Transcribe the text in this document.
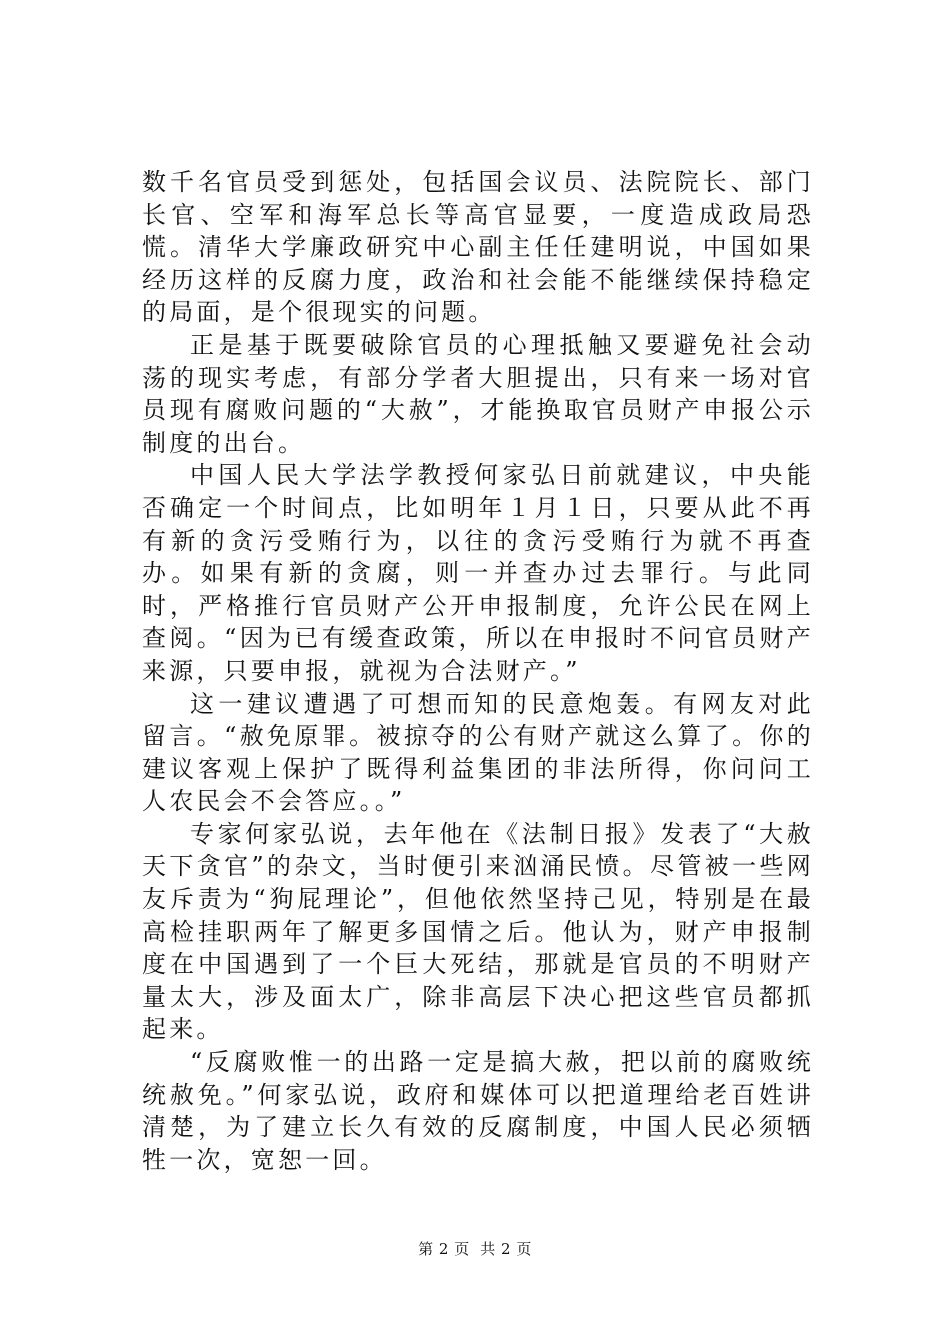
数千名官员受到惩处，包括国会议员、法院院长、部门长官、空军和海军总长等高官显要，一度造成政局恐慌。清华大学廉政研究中心副主任任建明说，中国如果经历这样的反腐力度，政治和社会能不能继续保持稳定的局面，是个很现实的问题。

正是基于既要破除官员的心理抵触又要避免社会动荡的现实考虑，有部分学者大胆提出，只有来一场对官员现有腐败问题的“大赦”，才能换取官员财产申报公示制度的出台。

中国人民大学法学教授何家弘日前就建议，中央能否确定一个时间点，比如明年１月１日，只要从此不再有新的贪污受贿行为，以往的贪污受贿行为就不再查办。如果有新的贪腐，则一并查办过去罪行。与此同时，严格推行官员财产公开申报制度，允许公民在网上查阅。“因为已有缓查政策，所以在申报时不问官员财产来源，只要申报，就视为合法财产。”

这一建议遭遇了可想而知的民意炮轰。有网友对此留言。“赦免原罪。被掠夺的公有财产就这么算了。你的建议客观上保护了既得利益集团的非法所得，你问问工人农民会不会答应。。”

专家何家弘说，去年他在《法制日报》发表了“大赦天下贪官”的杂文，当时便引来汹涌民愤。尽管被一些网友斥责为“狗屁理论”，但他依然坚持己见，特别是在最高检挂职两年了解更多国情之后。他认为，财产申报制度在中国遇到了一个巨大死结，那就是官员的不明财产量太大，涉及面太广，除非高层下决心把这些官员都抓起来。

“反腐败惟一的出路一定是搞大赦，把以前的腐败统统赦免。”何家弘说，政府和媒体可以把道理给老百姓讲清楚，为了建立长久有效的反腐制度，中国人民必须牺牲一次，宽恕一回。

第 2 页  共 2 页
